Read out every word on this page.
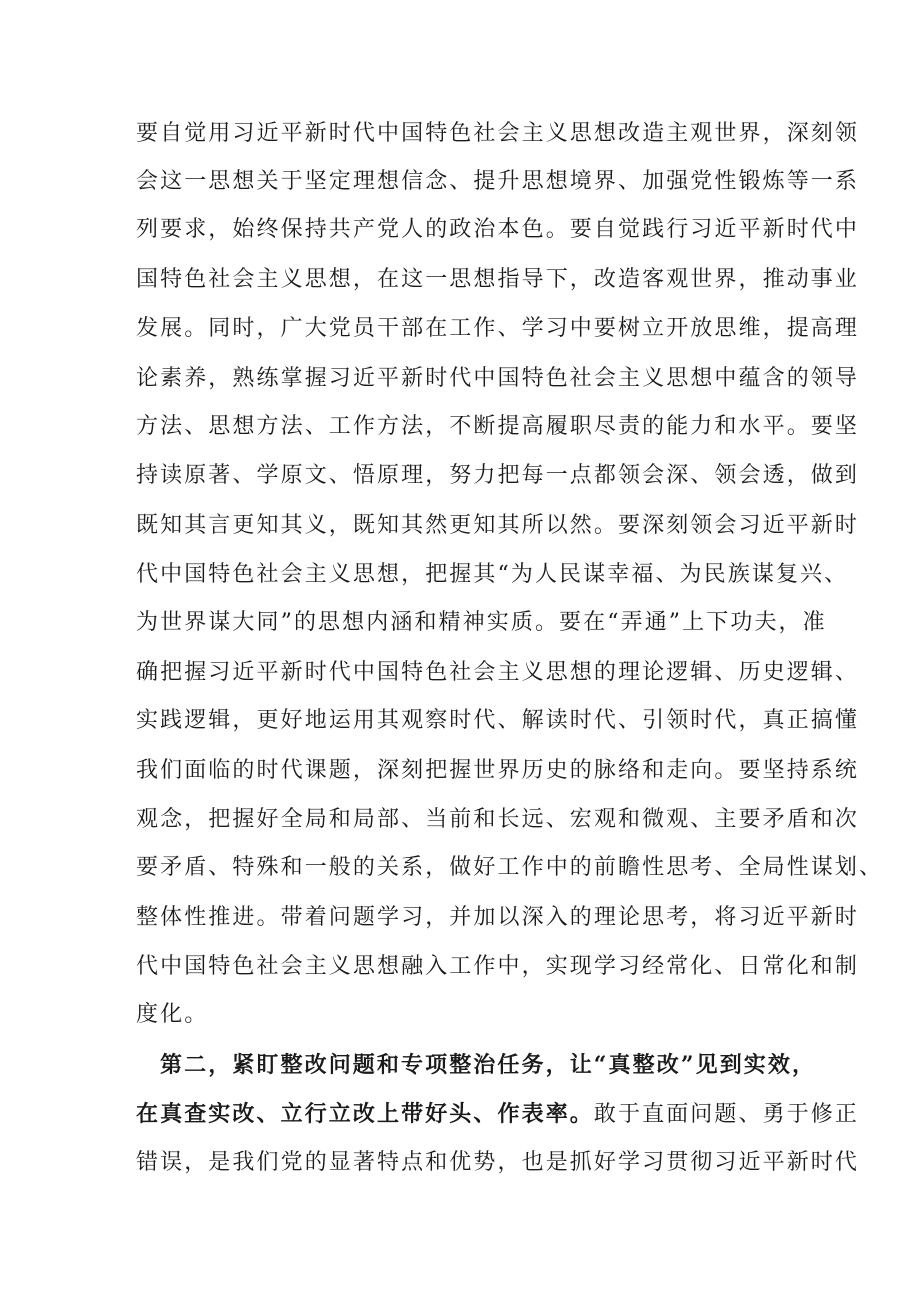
要自觉用习近平新时代中国特色社会主义思想改造主观世界，深刻领
会这一思想关于坚定理想信念、提升思想境界、加强党性锻炼等一系
列要求，始终保持共产党人的政治本色。要自觉践行习近平新时代中
国特色社会主义思想，在这一思想指导下，改造客观世界，推动事业
发展。同时，广大党员干部在工作、学习中要树立开放思维，提高理
论素养，熟练掌握习近平新时代中国特色社会主义思想中蕴含的领导
方法、思想方法、工作方法，不断提高履职尽责的能力和水平。要坚
持读原著、学原文、悟原理，努力把每一点都领会深、领会透，做到
既知其言更知其义，既知其然更知其所以然。要深刻领会习近平新时
代中国特色社会主义思想，把握其“为人民谋幸福、为民族谋复兴、
为世界谋大同”的思想内涵和精神实质。要在“弄通”上下功夫，准
确把握习近平新时代中国特色社会主义思想的理论逻辑、历史逻辑、
实践逻辑，更好地运用其观察时代、解读时代、引领时代，真正搞懂
我们面临的时代课题，深刻把握世界历史的脉络和走向。要坚持系统
观念，把握好全局和局部、当前和长远、宏观和微观、主要矛盾和次
要矛盾、特殊和一般的关系，做好工作中的前瞻性思考、全局性谋划、
整体性推进。带着问题学习，并加以深入的理论思考，将习近平新时
代中国特色社会主义思想融入工作中，实现学习经常化、日常化和制
度化。
第二，紧盯整改问题和专项整治任务，让“真整改”见到实效，
在真查实改、立行立改上带好头、作表率。敢于直面问题、勇于修正
错误，是我们党的显著特点和优势，也是抓好学习贯彻习近平新时代
